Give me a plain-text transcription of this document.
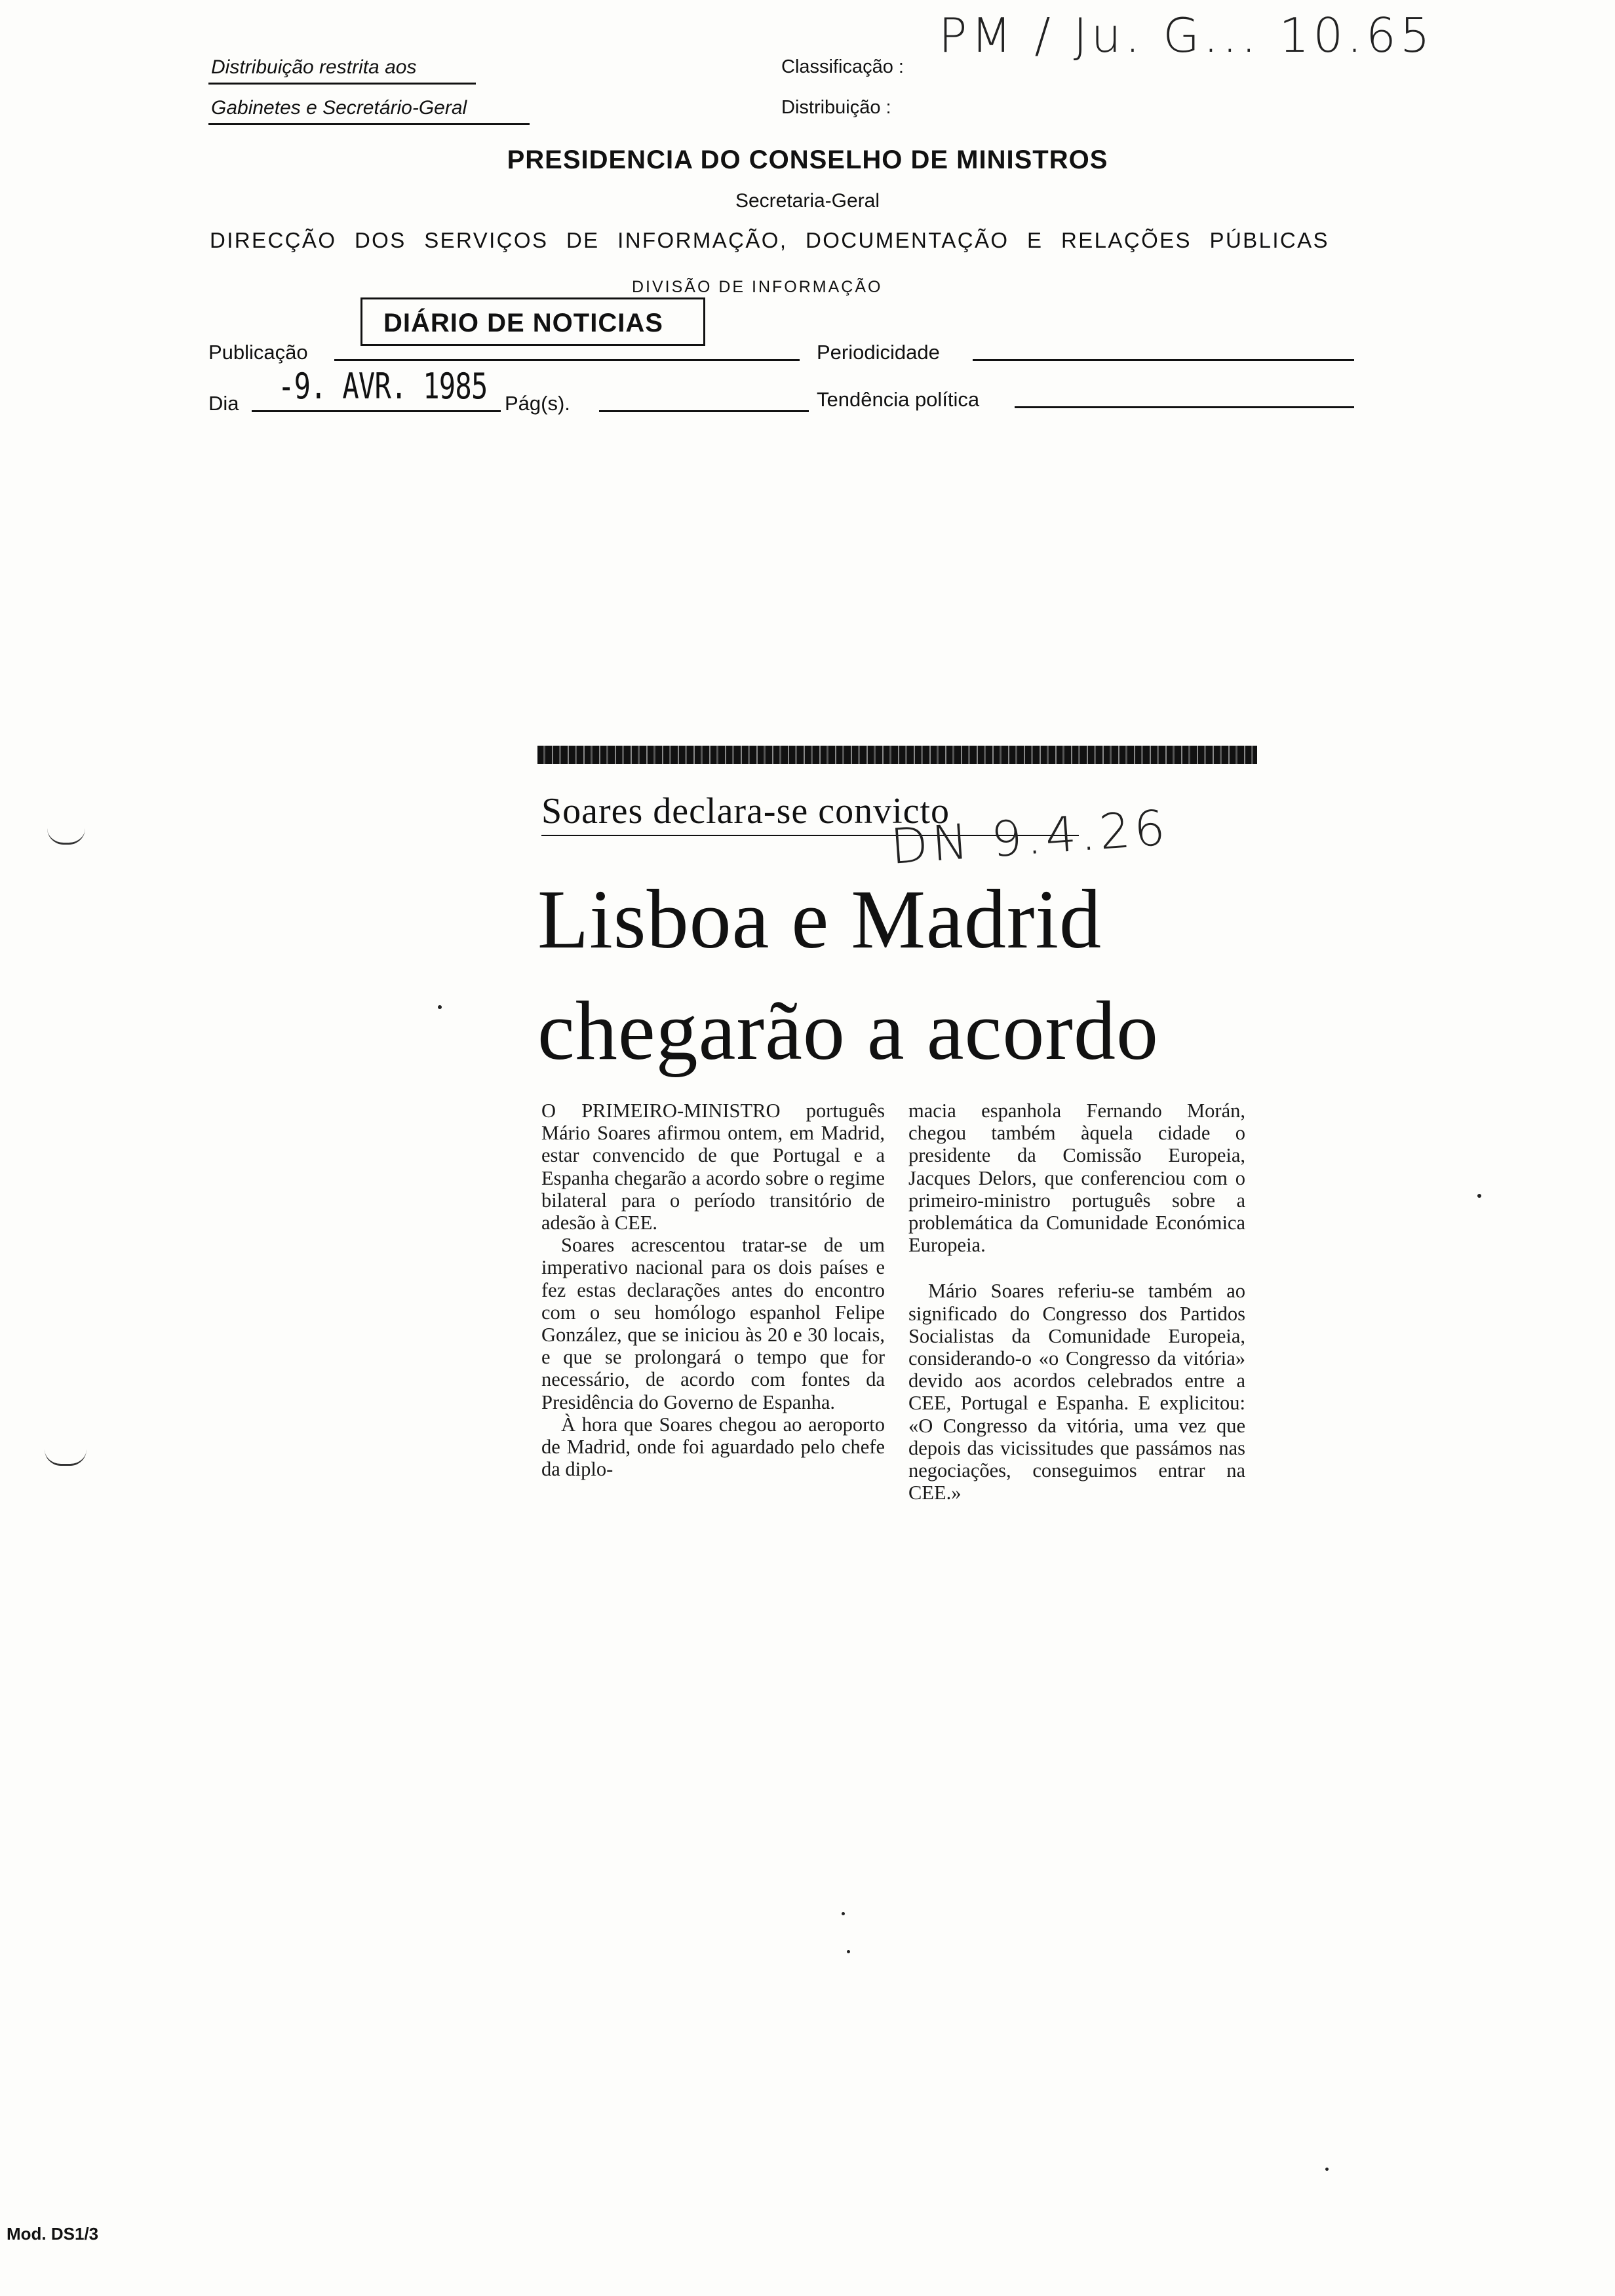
Distribuição restrita aos
Gabinetes e Secretário-Geral
Classificação :
Distribuição :
PM / Ju. G... 10.65
PRESIDENCIA DO CONSELHO DE MINISTROS
Secretaria-Geral
DIRECÇÃO DOS SERVIÇOS DE INFORMAÇÃO, DOCUMENTAÇÃO E RELAÇÕES PÚBLICAS
DIVISÃO DE INFORMAÇÃO
DIÁRIO DE NOTICIAS
Publicação	Periodicidade
Dia -9. AVR. 1985 Pág(s).	Tendência política
Soares declara-se convicto
DN 9.4.26
Lisboa e Madrid
chegarão a acordo

O PRIMEIRO-MINISTRO português Mário Soares afirmou ontem, em Madrid, estar convencido de que Portugal e a Espanha chegarão a acordo sobre o regime bilateral para o período transitório de adesão à CEE.

Soares acrescentou tratar-se de um imperativo nacional para os dois países e fez estas declarações antes do encontro com o seu homólogo espanhol Felipe González, que se iniciou às 20 e 30 locais, e que se prolongará o tempo que for necessário, de acordo com fontes da Presidência do Governo de Espanha.

À hora que Soares chegou ao aeroporto de Madrid, onde foi aguardado pelo chefe da diplo-

macia espanhola Fernando Morán, chegou também àquela cidade o presidente da Comissão Europeia, Jacques Delors, que conferenciou com o primeiro-ministro português sobre a problemática da Comunidade Económica Europeia.

Mário Soares referiu-se também ao significado do Congresso dos Partidos Socialistas da Comunidade Europeia, considerando-o «o Congresso da vitória» devido aos acordos celebrados entre a CEE, Portugal e Espanha. E explicitou: «O Congresso da vitória, uma vez que depois das vicissitudes que passámos nas negociações, conseguimos entrar na CEE.»

Mod. DS1/3
